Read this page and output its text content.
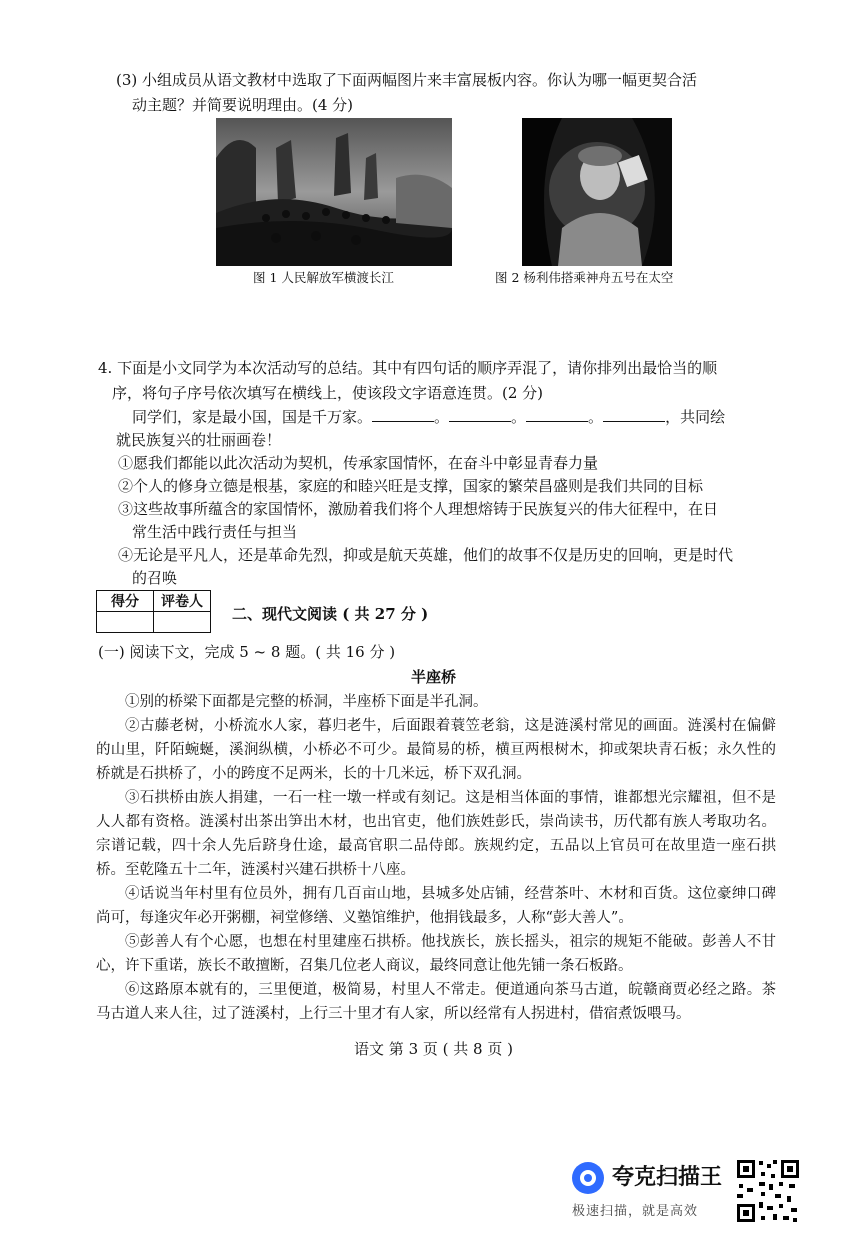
(3) 小组成员从语文教材中选取了下面两幅图片来丰富展板内容。你认为哪一幅更契合活
动主题？并简要说明理由。(4 分)
图 1 人民解放军横渡长江	图 2 杨利伟搭乘神舟五号在太空
4. 下面是小文同学为本次活动写的总结。其中有四句话的顺序弄混了，请你排列出最恰当的顺
序，将句子序号依次填写在横线上，使该段文字语意连贯。(2 分)
同学们，家是最小国，国是千万家。	。	。	。	，共同绘
就民族复兴的壮丽画卷！
①愿我们都能以此次活动为契机，传承家国情怀，在奋斗中彰显青春力量
②个人的修身立德是根基，家庭的和睦兴旺是支撑，国家的繁荣昌盛则是我们共同的目标
③这些故事所蕴含的家国情怀，激励着我们将个人理想熔铸于民族复兴的伟大征程中，在日
常生活中践行责任与担当
④无论是平凡人，还是革命先烈，抑或是航天英雄，他们的故事不仅是历史的回响，更是时代
的召唤
得分	评卷人

二、现代文阅读 ( 共 27 分 )
(一) 阅读下文，完成 5 ~ 8 题。( 共 16 分 )
半座桥
①别的桥梁下面都是完整的桥洞，半座桥下面是半孔洞。
②古藤老树，小桥流水人家，暮归老牛，后面跟着蓑笠老翁，这是涟溪村常见的画面。涟溪村在偏僻的山里，阡陌蜿蜒，溪涧纵横，小桥必不可少。最简易的桥，横亘两根树木，抑或架块青石板；永久性的桥就是石拱桥了，小的跨度不足两米，长的十几米远，桥下双孔洞。
③石拱桥由族人捐建，一石一柱一墩一样或有刻记。这是相当体面的事情，谁都想光宗耀祖，但不是人人都有资格。涟溪村出茶出笋出木材，也出官吏，他们族姓彭氏，崇尚读书，历代都有族人考取功名。宗谱记载，四十余人先后跻身仕途，最高官职二品侍郎。族规约定，五品以上官员可在故里造一座石拱桥。至乾隆五十二年，涟溪村兴建石拱桥十八座。
④话说当年村里有位员外，拥有几百亩山地，县城多处店铺，经营茶叶、木材和百货。这位豪绅口碑尚可，每逢灾年必开粥棚，祠堂修缮、义塾馆维护，他捐钱最多，人称“彭大善人”。
⑤彭善人有个心愿，也想在村里建座石拱桥。他找族长，族长摇头，祖宗的规矩不能破。彭善人不甘心，许下重诺，族长不敢擅断，召集几位老人商议，最终同意让他先铺一条石板路。
⑥这路原本就有的，三里便道，极简易，村里人不常走。便道通向茶马古道，皖赣商贾必经之路。茶马古道人来人往，过了涟溪村，上行三十里才有人家，所以经常有人拐进村，借宿煮饭喂马。
语文 第 3 页 ( 共 8 页 )
夸克扫描王
极速扫描，就是高效
